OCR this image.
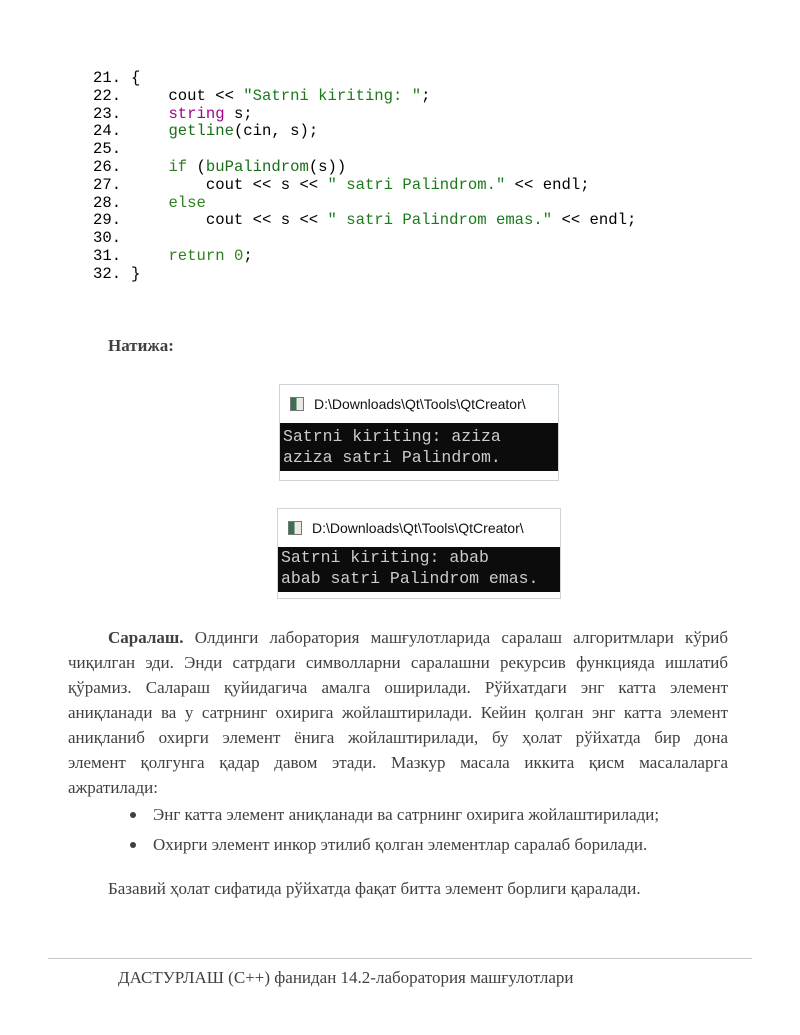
21. {
22.    cout << "Satrni kiriting: ";
23.	string s;
24.	getline(cin, s);
25.
26.	if (buPalindrom(s))
27.        cout << s << " satri Palindrom." << endl;
28.	else
29.        cout << s << " satri Palindrom emas." << endl;
30.
31.	return 0;
32. }
Натижа:
D:\Downloads\Qt\Tools\QtCreator\
Satrni kiriting: aziza
aziza satri Palindrom.
D:\Downloads\Qt\Tools\QtCreator\
Satrni kiriting: abab
abab satri Palindrom emas.
Саралаш. Олдинги лаборатория машғулотларида саралаш алгоритмлари кўриб
чиқилган эди. Энди сатрдаги символларни саралашни рекурсив функцияда ишлатиб
қўрамиз. Саларaш қуйидагича амалга оширилади. Рўйхатдаги энг катта элемент
аниқланади ва у сатрнинг охирига жойлаштирилади. Кейин қолган энг катта элемент
аниқланиб охирги элемент ёнига жойлаштирилади, бу ҳолат рўйхатда бир дона
элемент қолгунга қадар давом этади. Мазкур масала иккита қисм масалаларга
ажратилади:
Энг катта элемент аниқланади ва сатрнинг охирига жойлаштирилади;
Охирги элемент инкор этилиб қолган элементлар саралаб борилади.
Базавий ҳолат сифатида рўйхатда фақат битта элемент борлиги қаралади.
ДАСТУРЛАШ (C++) фанидан 14.2-лаборатория машғулотлари
